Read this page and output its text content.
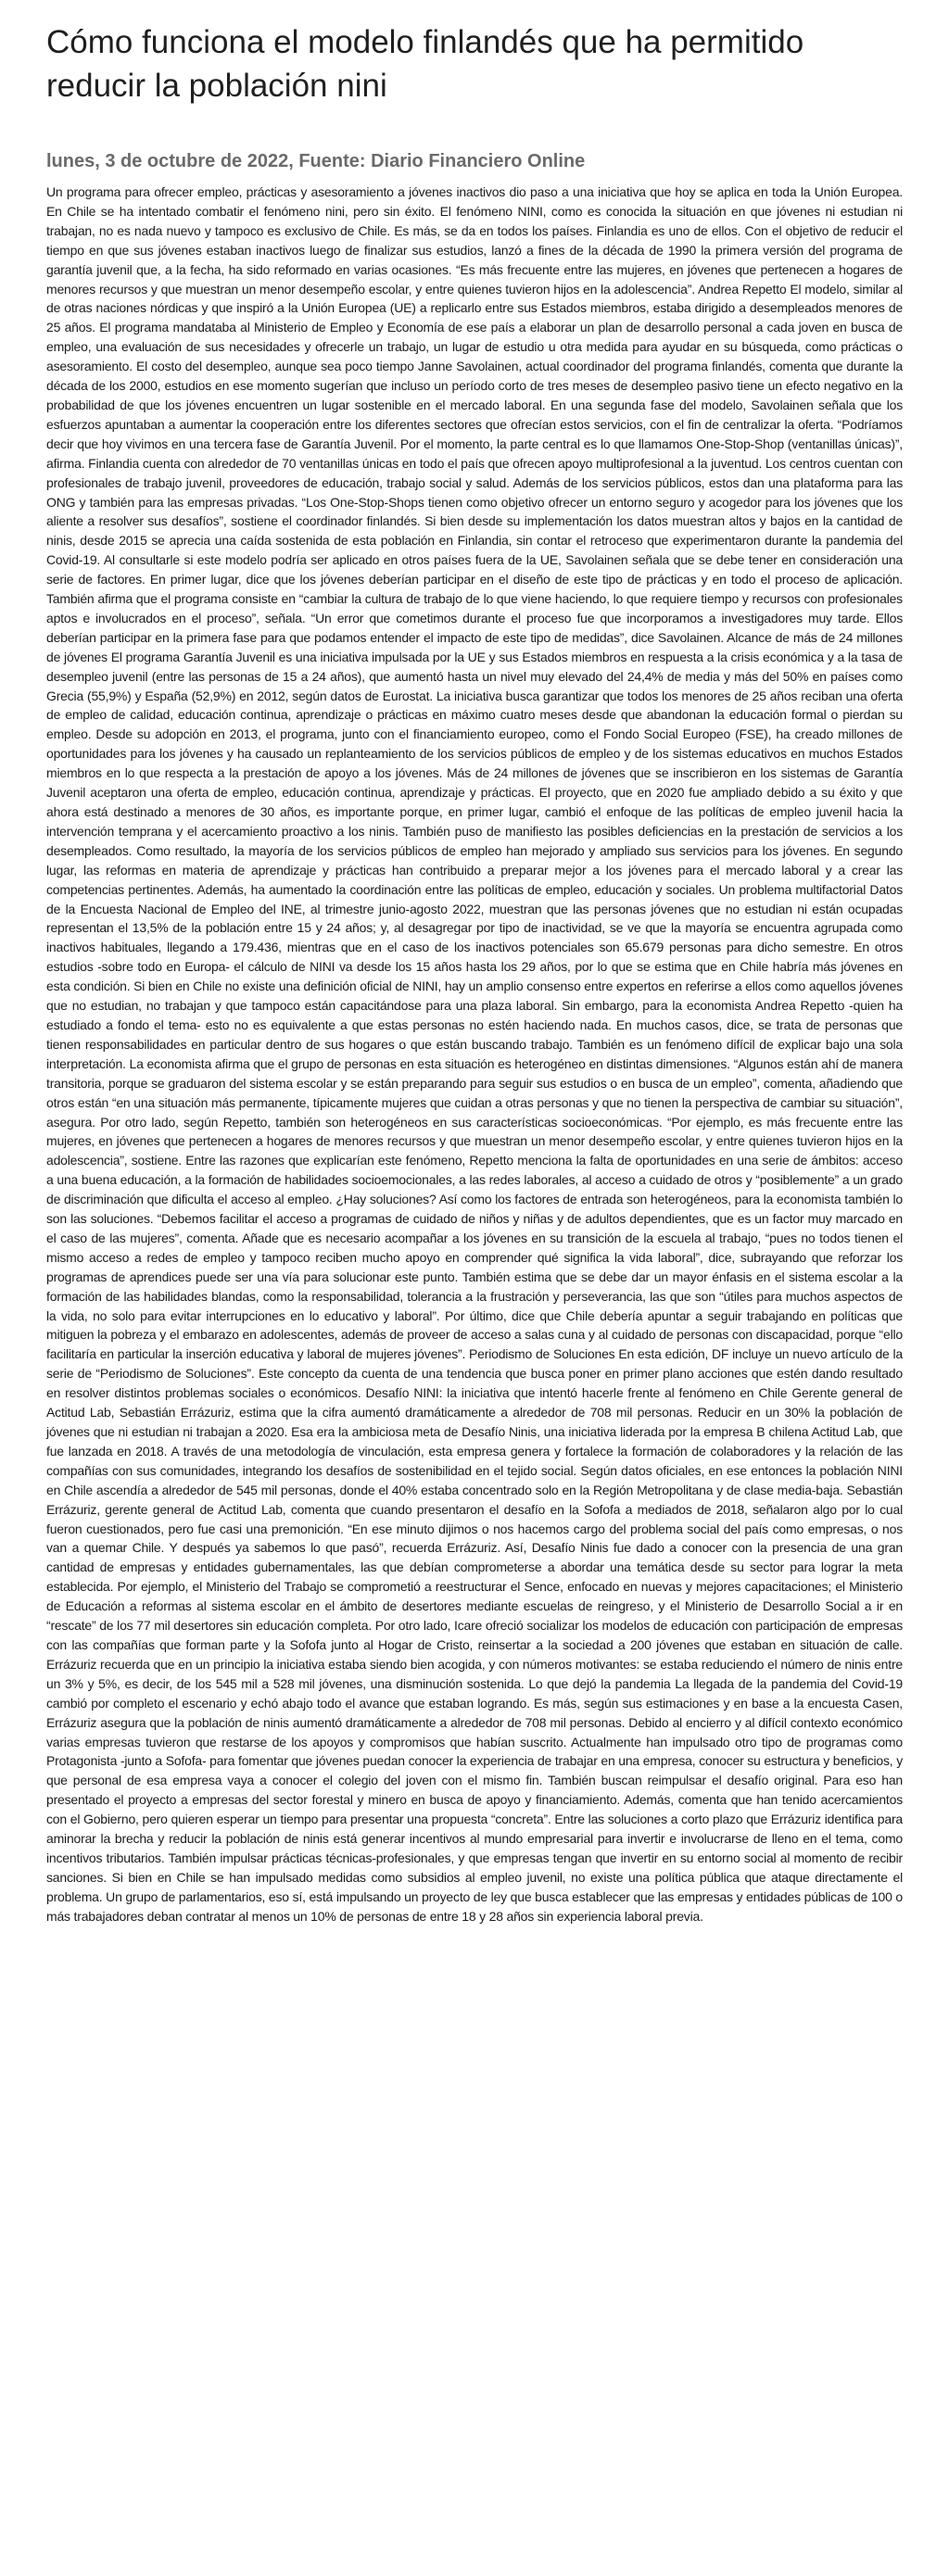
Cómo funciona el modelo finlandés que ha permitido reducir la población nini
lunes, 3 de octubre de 2022, Fuente: Diario Financiero Online

Un programa para ofrecer empleo, prácticas y asesoramiento a jóvenes inactivos dio paso a una iniciativa que hoy se aplica en toda la Unión Europea. En Chile se ha intentado combatir el fenómeno nini, pero sin éxito. El fenómeno NINI, como es conocida la situación en que jóvenes ni estudian ni trabajan, no es nada nuevo y tampoco es exclusivo de Chile. Es más, se da en todos los países. Finlandia es uno de ellos. Con el objetivo de reducir el tiempo en que sus jóvenes estaban inactivos luego de finalizar sus estudios, lanzó a fines de la década de 1990 la primera versión del programa de garantía juvenil que, a la fecha, ha sido reformado en varias ocasiones. “Es más frecuente entre las mujeres, en jóvenes que pertenecen a hogares de menores recursos y que muestran un menor desempeño escolar, y entre quienes tuvieron hijos en la adolescencia”. Andrea Repetto El modelo, similar al de otras naciones nórdicas y que inspiró a la Unión Europea (UE) a replicarlo entre sus Estados miembros, estaba dirigido a desempleados menores de 25 años. El programa mandataba al Ministerio de Empleo y Economía de ese país a elaborar un plan de desarrollo personal a cada joven en busca de empleo, una evaluación de sus necesidades y ofrecerle un trabajo, un lugar de estudio u otra medida para ayudar en su búsqueda, como prácticas o asesoramiento. El costo del desempleo, aunque sea poco tiempo Janne Savolainen, actual coordinador del programa finlandés, comenta que durante la década de los 2000, estudios en ese momento sugerían que incluso un período corto de tres meses de desempleo pasivo tiene un efecto negativo en la probabilidad de que los jóvenes encuentren un lugar sostenible en el mercado laboral. En una segunda fase del modelo, Savolainen señala que los esfuerzos apuntaban a aumentar la cooperación entre los diferentes sectores que ofrecían estos servicios, con el fin de centralizar la oferta. “Podríamos decir que hoy vivimos en una tercera fase de Garantía Juvenil. Por el momento, la parte central es lo que llamamos One-Stop-Shop (ventanillas únicas)”, afirma. Finlandia cuenta con alrededor de 70 ventanillas únicas en todo el país que ofrecen apoyo multiprofesional a la juventud. Los centros cuentan con profesionales de trabajo juvenil, proveedores de educación, trabajo social y salud. Además de los servicios públicos, estos dan una plataforma para las ONG y también para las empresas privadas. “Los One-Stop-Shops tienen como objetivo ofrecer un entorno seguro y acogedor para los jóvenes que los aliente a resolver sus desafíos”, sostiene el coordinador finlandés. Si bien desde su implementación los datos muestran altos y bajos en la cantidad de ninis, desde 2015 se aprecia una caída sostenida de esta población en Finlandia, sin contar el retroceso que experimentaron durante la pandemia del Covid-19. Al consultarle si este modelo podría ser aplicado en otros países fuera de la UE, Savolainen señala que se debe tener en consideración una serie de factores. En primer lugar, dice que los jóvenes deberían participar en el diseño de este tipo de prácticas y en todo el proceso de aplicación. También afirma que el programa consiste en “cambiar la cultura de trabajo de lo que viene haciendo, lo que requiere tiempo y recursos con profesionales aptos e involucrados en el proceso”, señala. “Un error que cometimos durante el proceso fue que incorporamos a investigadores muy tarde. Ellos deberían participar en la primera fase para que podamos entender el impacto de este tipo de medidas”, dice Savolainen. Alcance de más de 24 millones de jóvenes El programa Garantía Juvenil es una iniciativa impulsada por la UE y sus Estados miembros en respuesta a la crisis económica y a la tasa de desempleo juvenil (entre las personas de 15 a 24 años), que aumentó hasta un nivel muy elevado del 24,4% de media y más del 50% en países como Grecia (55,9%) y España (52,9%) en 2012, según datos de Eurostat. La iniciativa busca garantizar que todos los menores de 25 años reciban una oferta de empleo de calidad, educación continua, aprendizaje o prácticas en máximo cuatro meses desde que abandonan la educación formal o pierdan su empleo. Desde su adopción en 2013, el programa, junto con el financiamiento europeo, como el Fondo Social Europeo (FSE), ha creado millones de oportunidades para los jóvenes y ha causado un replanteamiento de los servicios públicos de empleo y de los sistemas educativos en muchos Estados miembros en lo que respecta a la prestación de apoyo a los jóvenes. Más de 24 millones de jóvenes que se inscribieron en los sistemas de Garantía Juvenil aceptaron una oferta de empleo, educación continua, aprendizaje y prácticas. El proyecto, que en 2020 fue ampliado debido a su éxito y que ahora está destinado a menores de 30 años, es importante porque, en primer lugar, cambió el enfoque de las políticas de empleo juvenil hacia la intervención temprana y el acercamiento proactivo a los ninis. También puso de manifiesto las posibles deficiencias en la prestación de servicios a los desempleados. Como resultado, la mayoría de los servicios públicos de empleo han mejorado y ampliado sus servicios para los jóvenes. En segundo lugar, las reformas en materia de aprendizaje y prácticas han contribuido a preparar mejor a los jóvenes para el mercado laboral y a crear las competencias pertinentes. Además, ha aumentado la coordinación entre las políticas de empleo, educación y sociales. Un problema multifactorial Datos de la Encuesta Nacional de Empleo del INE, al trimestre junio-agosto 2022, muestran que las personas jóvenes que no estudian ni están ocupadas representan el 13,5% de la población entre 15 y 24 años; y, al desagregar por tipo de inactividad, se ve que la mayoría se encuentra agrupada como inactivos habituales, llegando a 179.436, mientras que en el caso de los inactivos potenciales son 65.679 personas para dicho semestre. En otros estudios -sobre todo en Europa- el cálculo de NINI va desde los 15 años hasta los 29 años, por lo que se estima que en Chile habría más jóvenes en esta condición. Si bien en Chile no existe una definición oficial de NINI, hay un amplio consenso entre expertos en referirse a ellos como aquellos jóvenes que no estudian, no trabajan y que tampoco están capacitándose para una plaza laboral. Sin embargo, para la economista Andrea Repetto -quien ha estudiado a fondo el tema- esto no es equivalente a que estas personas no estén haciendo nada. En muchos casos, dice, se trata de personas que tienen responsabilidades en particular dentro de sus hogares o que están buscando trabajo. También es un fenómeno difícil de explicar bajo una sola interpretación. La economista afirma que el grupo de personas en esta situación es heterogéneo en distintas dimensiones. “Algunos están ahí de manera transitoria, porque se graduaron del sistema escolar y se están preparando para seguir sus estudios o en busca de un empleo”, comenta, añadiendo que otros están “en una situación más permanente, típicamente mujeres que cuidan a otras personas y que no tienen la perspectiva de cambiar su situación”, asegura. Por otro lado, según Repetto, también son heterogéneos en sus características socioeconómicas. “Por ejemplo, es más frecuente entre las mujeres, en jóvenes que pertenecen a hogares de menores recursos y que muestran un menor desempeño escolar, y entre quienes tuvieron hijos en la adolescencia”, sostiene. Entre las razones que explicarían este fenómeno, Repetto menciona la falta de oportunidades en una serie de ámbitos: acceso a una buena educación, a la formación de habilidades socioemocionales, a las redes laborales, al acceso a cuidado de otros y “posiblemente” a un grado de discriminación que dificulta el acceso al empleo. ¿Hay soluciones? Así como los factores de entrada son heterogéneos, para la economista también lo son las soluciones. “Debemos facilitar el acceso a programas de cuidado de niños y niñas y de adultos dependientes, que es un factor muy marcado en el caso de las mujeres”, comenta. Añade que es necesario acompañar a los jóvenes en su transición de la escuela al trabajo, “pues no todos tienen el mismo acceso a redes de empleo y tampoco reciben mucho apoyo en comprender qué significa la vida laboral”, dice, subrayando que reforzar los programas de aprendices puede ser una vía para solucionar este punto. También estima que se debe dar un mayor énfasis en el sistema escolar a la formación de las habilidades blandas, como la responsabilidad, tolerancia a la frustración y perseverancia, las que son “útiles para muchos aspectos de la vida, no solo para evitar interrupciones en lo educativo y laboral”. Por último, dice que Chile debería apuntar a seguir trabajando en políticas que mitiguen la pobreza y el embarazo en adolescentes, además de proveer de acceso a salas cuna y al cuidado de personas con discapacidad, porque “ello facilitaría en particular la inserción educativa y laboral de mujeres jóvenes”. Periodismo de Soluciones En esta edición, DF incluye un nuevo artículo de la serie de “Periodismo de Soluciones”. Este concepto da cuenta de una tendencia que busca poner en primer plano acciones que estén dando resultado en resolver distintos problemas sociales o económicos. Desafío NINI: la iniciativa que intentó hacerle frente al fenómeno en Chile Gerente general de Actitud Lab, Sebastián Errázuriz, estima que la cifra aumentó dramáticamente a alrededor de 708 mil personas. Reducir en un 30% la población de jóvenes que ni estudian ni trabajan a 2020. Esa era la ambiciosa meta de Desafío Ninis, una iniciativa liderada por la empresa B chilena Actitud Lab, que fue lanzada en 2018. A través de una metodología de vinculación, esta empresa genera y fortalece la formación de colaboradores y la relación de las compañías con sus comunidades, integrando los desafíos de sostenibilidad en el tejido social. Según datos oficiales, en ese entonces la población NINI en Chile ascendía a alrededor de 545 mil personas, donde el 40% estaba concentrado solo en la Región Metropolitana y de clase media-baja. Sebastián Errázuriz, gerente general de Actitud Lab, comenta que cuando presentaron el desafío en la Sofofa a mediados de 2018, señalaron algo por lo cual fueron cuestionados, pero fue casi una premonición. “En ese minuto dijimos o nos hacemos cargo del problema social del país como empresas, o nos van a quemar Chile. Y después ya sabemos lo que pasó”, recuerda Errázuriz. Así, Desafío Ninis fue dado a conocer con la presencia de una gran cantidad de empresas y entidades gubernamentales, las que debían comprometerse a abordar una temática desde su sector para lograr la meta establecida. Por ejemplo, el Ministerio del Trabajo se comprometió a reestructurar el Sence, enfocado en nuevas y mejores capacitaciones; el Ministerio de Educación a reformas al sistema escolar en el ámbito de desertores mediante escuelas de reingreso, y el Ministerio de Desarrollo Social a ir en “rescate” de los 77 mil desertores sin educación completa. Por otro lado, Icare ofreció socializar los modelos de educación con participación de empresas con las compañías que forman parte y la Sofofa junto al Hogar de Cristo, reinsertar a la sociedad a 200 jóvenes que estaban en situación de calle. Errázuriz recuerda que en un principio la iniciativa estaba siendo bien acogida, y con números motivantes: se estaba reduciendo el número de ninis entre un 3% y 5%, es decir, de los 545 mil a 528 mil jóvenes, una disminución sostenida. Lo que dejó la pandemia La llegada de la pandemia del Covid-19 cambió por completo el escenario y echó abajo todo el avance que estaban logrando. Es más, según sus estimaciones y en base a la encuesta Casen, Errázuriz asegura que la población de ninis aumentó dramáticamente a alrededor de 708 mil personas. Debido al encierro y al difícil contexto económico varias empresas tuvieron que restarse de los apoyos y compromisos que habían suscrito. Actualmente han impulsado otro tipo de programas como Protagonista -junto a Sofofa- para fomentar que jóvenes puedan conocer la experiencia de trabajar en una empresa, conocer su estructura y beneficios, y que personal de esa empresa vaya a conocer el colegio del joven con el mismo fin. También buscan reimpulsar el desafío original. Para eso han presentado el proyecto a empresas del sector forestal y minero en busca de apoyo y financiamiento. Además, comenta que han tenido acercamientos con el Gobierno, pero quieren esperar un tiempo para presentar una propuesta “concreta”. Entre las soluciones a corto plazo que Errázuriz identifica para aminorar la brecha y reducir la población de ninis está generar incentivos al mundo empresarial para invertir e involucrarse de lleno en el tema, como incentivos tributarios. También impulsar prácticas técnicas-profesionales, y que empresas tengan que invertir en su entorno social al momento de recibir sanciones. Si bien en Chile se han impulsado medidas como subsidios al empleo juvenil, no existe una política pública que ataque directamente el problema. Un grupo de parlamentarios, eso sí, está impulsando un proyecto de ley que busca establecer que las empresas y entidades públicas de 100 o más trabajadores deban contratar al menos un 10% de personas de entre 18 y 28 años sin experiencia laboral previa.
